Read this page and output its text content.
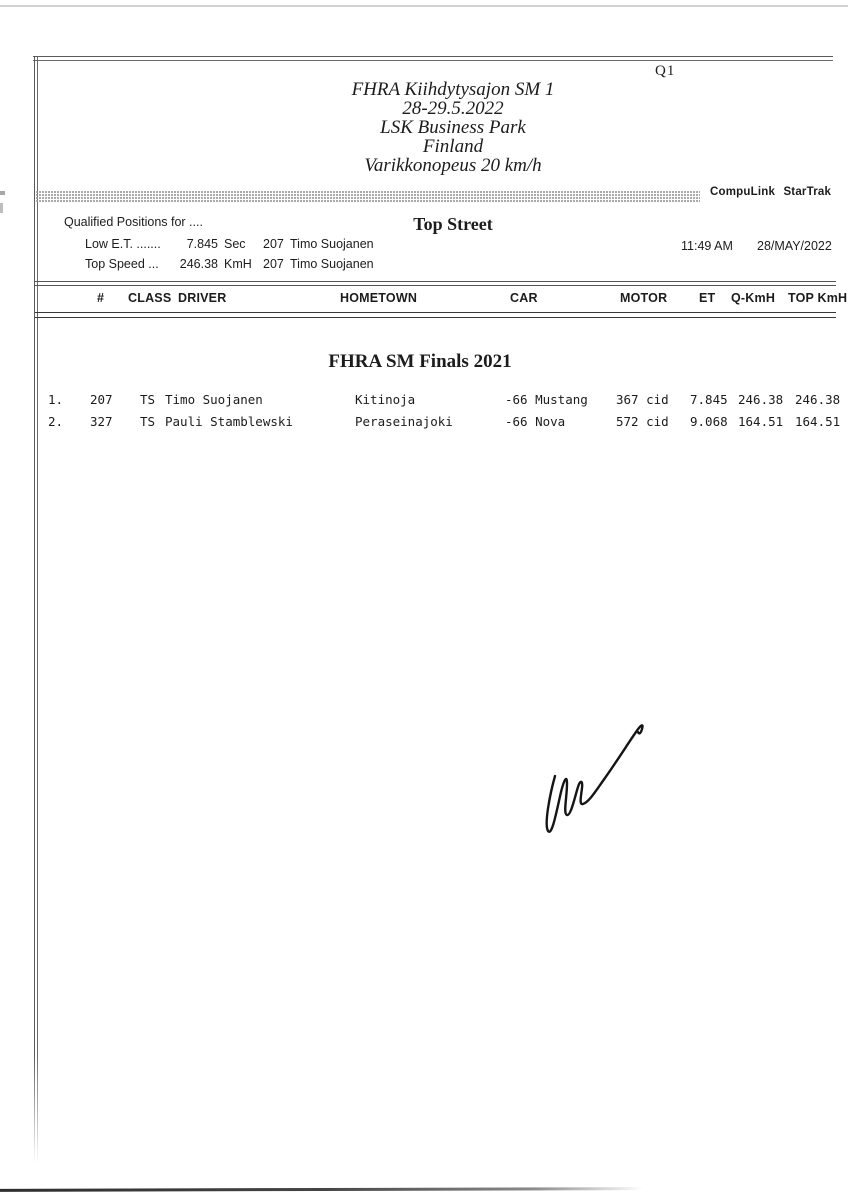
Q1
FHRA Kiihdytysajon SM 1
28-29.5.2022
LSK Business Park
Finland
Varikkonopeus 20 km/h
CompuLink StarTrak
Qualified Positions for ....	Top Street
Low E.T. .......	7.845 Sec 207 Timo Suojanen
Top Speed ...	246.38 KmH 207 Timo Suojanen
11:49 AM 28/MAY/2022
# CLASS DRIVER	HOMETOWN	CAR	MOTOR	ET Q-KmH TOP KmH
FHRA SM Finals 2021
1. 207 TS Timo Suojanen	Kitinoja	-66 Mustang 367 cid 7.845 246.38 246.38
2. 327 TS Pauli Stamblewski	Peraseinajoki	-66 Nova	572 cid 9.068 164.51 164.51
